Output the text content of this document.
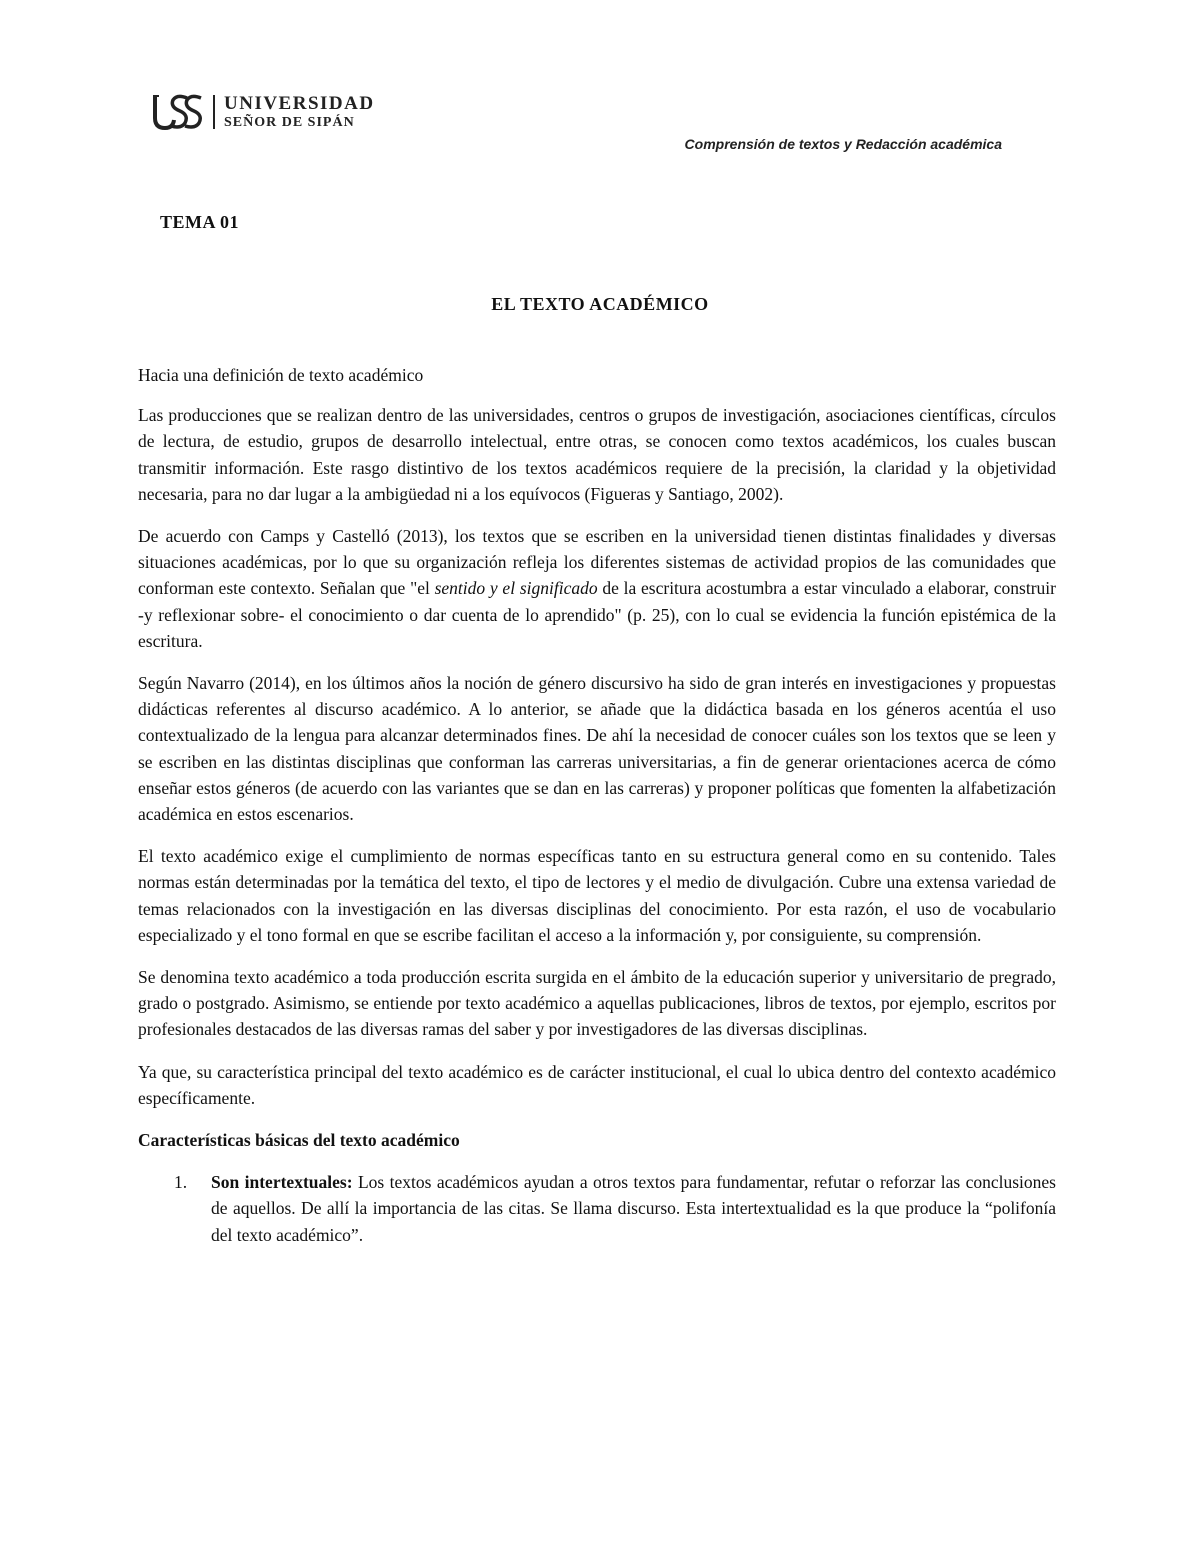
UNIVERSIDAD
SEÑOR DE SIPÁN
Comprensión de textos y Redacción académica
TEMA 01
EL TEXTO ACADÉMICO

Hacia una definición de texto académico

Las producciones que se realizan dentro de las universidades, centros o grupos de investigación, asociaciones científicas, círculos de lectura, de estudio, grupos de desarrollo intelectual, entre otras, se conocen como textos académicos, los cuales buscan transmitir información. Este rasgo distintivo de los textos académicos requiere de la precisión, la claridad y la objetividad necesaria, para no dar lugar a la ambigüedad ni a los equívocos (Figueras y Santiago, 2002).

De acuerdo con Camps y Castelló (2013), los textos que se escriben en la universidad tienen distintas finalidades y diversas situaciones académicas, por lo que su organización refleja los diferentes sistemas de actividad propios de las comunidades que conforman este contexto. Señalan que "el sentido y el significado de la escritura acostumbra a estar vinculado a elaborar, construir -y reflexionar sobre- el conocimiento o dar cuenta de lo aprendido" (p. 25), con lo cual se evidencia la función epistémica de la escritura.

Según Navarro (2014), en los últimos años la noción de género discursivo ha sido de gran interés en investigaciones y propuestas didácticas referentes al discurso académico. A lo anterior, se añade que la didáctica basada en los géneros acentúa el uso contextualizado de la lengua para alcanzar determinados fines. De ahí la necesidad de conocer cuáles son los textos que se leen y se escriben en las distintas disciplinas que conforman las carreras universitarias, a fin de generar orientaciones acerca de cómo enseñar estos géneros (de acuerdo con las variantes que se dan en las carreras) y proponer políticas que fomenten la alfabetización académica en estos escenarios.

El texto académico exige el cumplimiento de normas específicas tanto en su estructura general como en su contenido. Tales normas están determinadas por la temática del texto, el tipo de lectores y el medio de divulgación. Cubre una extensa variedad de temas relacionados con la investigación en las diversas disciplinas del conocimiento. Por esta razón, el uso de vocabulario especializado y el tono formal en que se escribe facilitan el acceso a la información y, por consiguiente, su comprensión.

Se denomina texto académico a toda producción escrita surgida en el ámbito de la educación superior y universitario de pregrado, grado o postgrado. Asimismo, se entiende por texto académico a aquellas publicaciones, libros de textos, por ejemplo, escritos por profesionales destacados de las diversas ramas del saber y por investigadores de las diversas disciplinas.

Ya que, su característica principal del texto académico es de carácter institucional, el cual lo ubica dentro del contexto académico específicamente.

Características básicas del texto académico

1. Son intertextuales: Los textos académicos ayudan a otros textos para fundamentar, refutar o reforzar las conclusiones de aquellos. De allí la importancia de las citas. Se llama discurso. Esta intertextualidad es la que produce la “polifonía del texto académico”.
